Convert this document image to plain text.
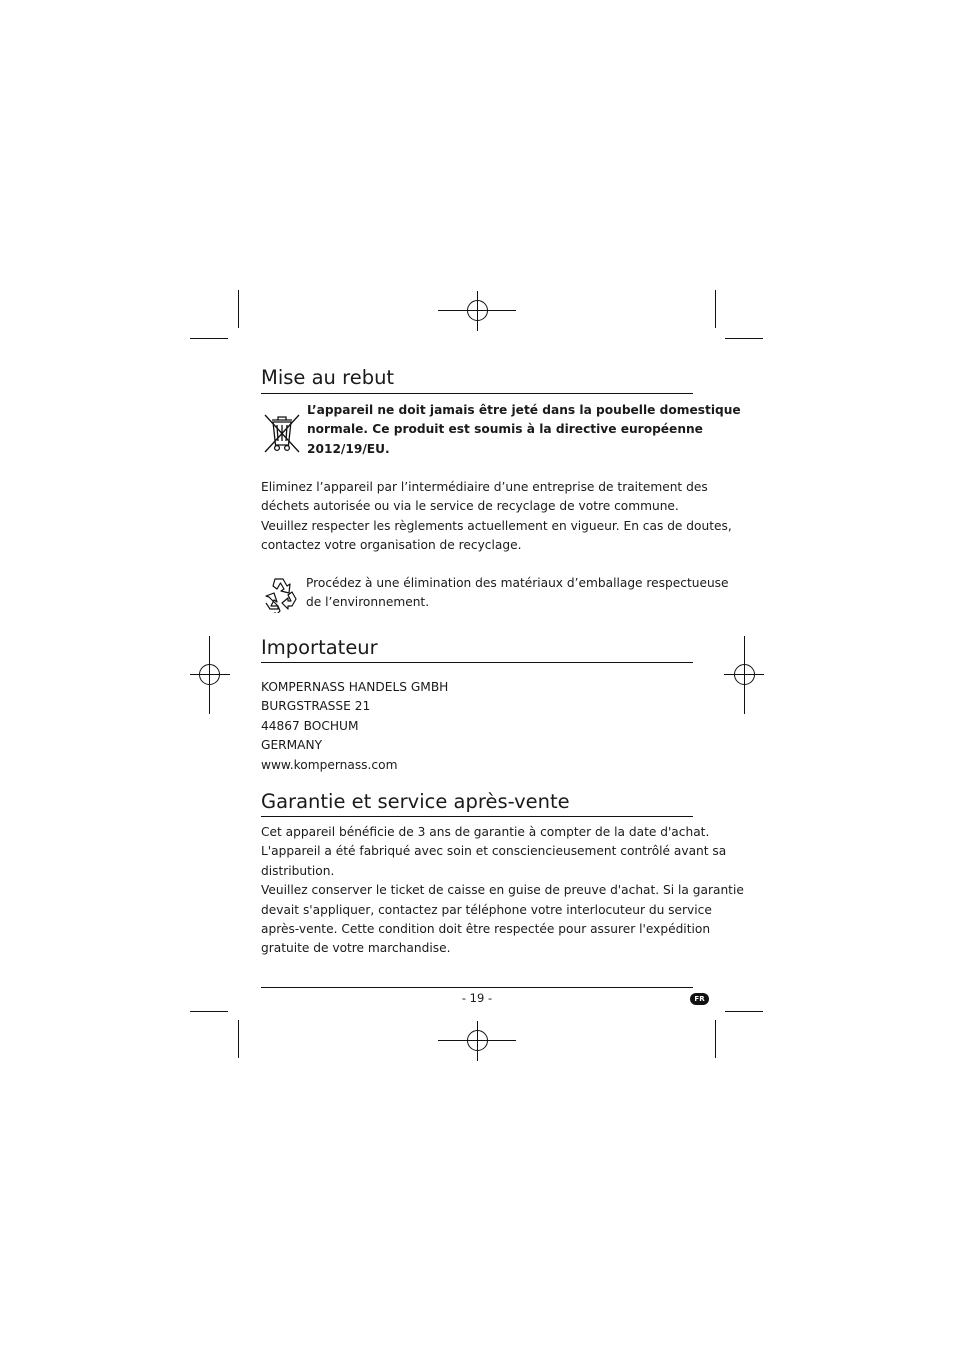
Mise au rebut
L’appareil ne doit jamais être jeté dans la poubelle domestique
normale. Ce produit est soumis à la directive européenne
2012/19/EU.
Eliminez l’appareil par l’intermédiaire d’une entreprise de traitement des
déchets autorisée ou via le service de recyclage de votre commune.
Veuillez respecter les règlements actuellement en vigueur. En cas de doutes,
contactez votre organisation de recyclage.
Procédez à une élimination des matériaux d’emballage respectueuse
de l’environnement.
Importateur
KOMPERNASS HANDELS GMBH
BURGSTRASSE 21
44867 BOCHUM
GERMANY
www.kompernass.com
Garantie et service après-vente
Cet appareil bénéficie de 3 ans de garantie à compter de la date d'achat.
L'appareil a été fabriqué avec soin et consciencieusement contrôlé avant sa
distribution.
Veuillez conserver le ticket de caisse en guise de preuve d'achat. Si la garantie
devait s'appliquer, contactez par téléphone votre interlocuteur du service
après-vente. Cette condition doit être respectée pour assurer l'expédition
gratuite de votre marchandise.
- 19 -	FR
